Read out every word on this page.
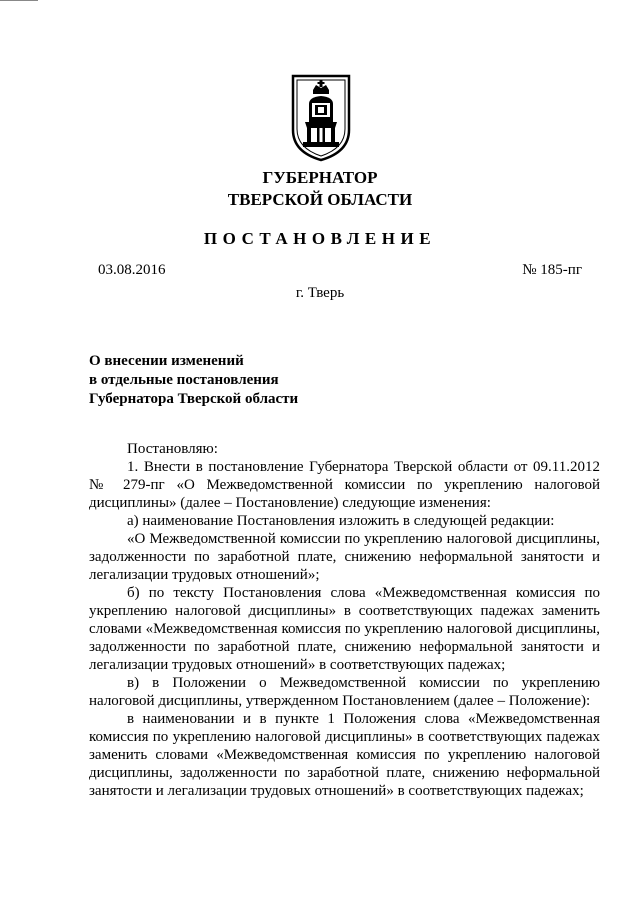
ГУБЕРНАТОР
ТВЕРСКОЙ ОБЛАСТИ
ПОСТАНОВЛЕНИЕ
03.08.2016	№ 185-пг
г. Тверь
О внесении изменений
в отдельные постановления
Губернатора Тверской области

Постановляю:

1. Внести в постановление Губернатора Тверской области от 09.11.2012 № 279-пг «О Межведомственной комиссии по укреплению налоговой дисциплины» (далее – Постановление) следующие изменения:

а) наименование Постановления изложить в следующей редакции:

«О Межведомственной комиссии по укреплению налоговой дисциплины, задолженности по заработной плате, снижению неформальной занятости и легализации трудовых отношений»;

б) по тексту Постановления слова «Межведомственная комиссия по укреплению налоговой дисциплины» в соответствующих падежах заменить словами «Межведомственная комиссия по укреплению налоговой дисциплины, задолженности по заработной плате, снижению неформальной занятости и легализации трудовых отношений» в соответствующих падежах;

в) в Положении о Межведомственной комиссии по укреплению налоговой дисциплины, утвержденном Постановлением (далее – Положение):

в наименовании и в пункте 1 Положения слова «Межведомственная комиссия по укреплению налоговой дисциплины» в соответствующих падежах заменить словами «Межведомственная комиссия по укреплению налоговой дисциплины, задолженности по заработной плате, снижению неформальной занятости и легализации трудовых отношений» в соответствующих падежах;
